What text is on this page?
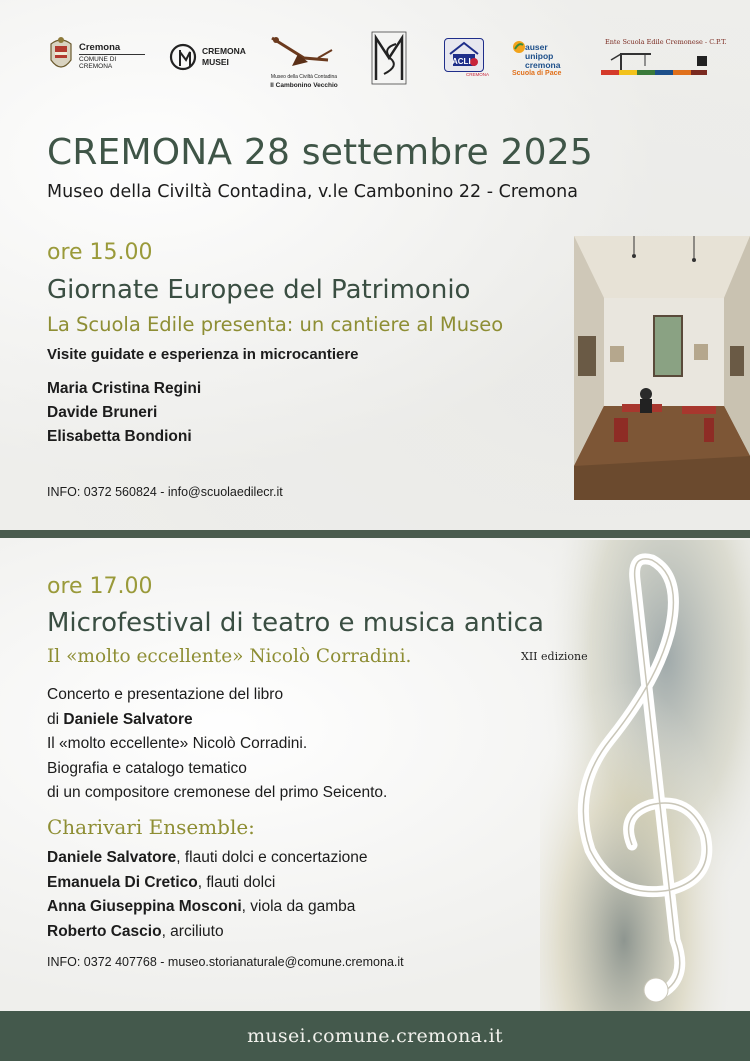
Cremona
COMUNE DI CREMONA
CREMONA
MUSEI
Museo della Civiltà Contadina
Il Cambonino Vecchio
ACLI
CREMONA
auser
unipop
cremona
Scuola di Pace
Ente Scuola Edile Cremonese - C.P.T.
CREMONA 28 settembre 2025
Museo della Civiltà Contadina, v.le Cambonino 22 - Cremona
ore 15.00
Giornate Europee del Patrimonio
La Scuola Edile presenta: un cantiere al Museo
Visite guidate e esperienza in microcantiere
Maria Cristina Regini
Davide Bruneri
Elisabetta Bondioni
INFO: 0372 560824 - info@scuolaedilecr.it
ore 17.00
Microfestival di teatro e musica antica
Il «molto eccellente» Nicolò Corradini.	XII edizione
Concerto e presentazione del libro
di Daniele Salvatore
Il «molto eccellente» Nicolò Corradini.
Biografia e catalogo tematico
di un compositore cremonese del primo Seicento.
Charivari Ensemble:
Daniele Salvatore, flauti dolci e concertazione
Emanuela Di Cretico, flauti dolci
Anna Giuseppina Mosconi, viola da gamba
Roberto Cascio, arciliuto
INFO: 0372 407768 - museo.storianaturale@comune.cremona.it
musei.comune.cremona.it
